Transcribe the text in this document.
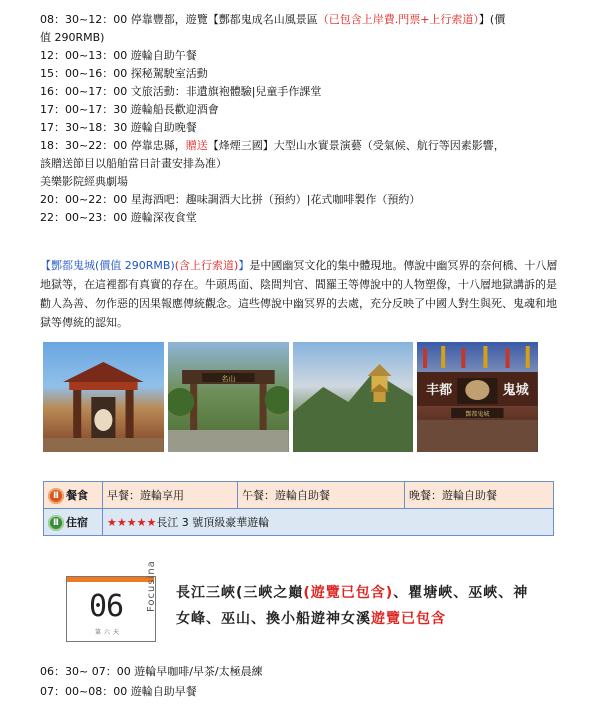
08：30~12：00 停靠豐都，遊覽【酆都鬼成名山風景區（已包含上岸費.門票+上行索道）】(價
值 290RMB)
12：00~13：00 遊輪自助午餐
15：00~16：00 探秘駕駛室活動
16：00~17：00 文旅活動：非遺旗袍體驗|兒童手作課堂
17：00~17：30 遊輪船長歡迎酒會
17：30~18：30 遊輪自助晚餐
18：30~22：00 停靠忠縣，贈送【烽煙三國】大型山水實景演藝（受氣候、航行等因素影響，
該贈送節目以船舶當日計畫安排為准）
美樂影院經典劇場
20：00~22：00 星海酒吧：趣味調酒大比拼（預約）|花式咖啡製作（預約）
22：00~23：00 遊輪深夜食堂
【酆都鬼城(價值 290RMB)(含上行索道)】是中國幽冥文化的集中體現地。傳說中幽冥界的奈何橋、十八層地獄等，在這裡都有真實的存在。牛頭馬面、陰間判官、閻羅王等傳說中的人物塑像，十八層地獄講訴的是勸人為善、勿作惡的因果報應傳統觀念。這些傳說中幽冥界的去處，充分反映了中國人對生與死、鬼魂和地獄等傳統的認知。
名山
丰都	鬼城
酆都鬼城
Ⅱ 餐食	早餐：遊輪享用	午餐：遊輪自助餐	晚餐：遊輪自助餐
Ⅱ 住宿	★★★★★長江 3 號頂級豪華遊輪		
06
第六天
Focusina 長江三峽(三峽之巔(遊覽已包含)、瞿塘峽、巫峽、神女峰、巫山、換小船遊神女溪遊覽已包含
06：30~ 07：00 遊輪早咖啡/早茶/太極晨練
07：00~08：00 遊輪自助早餐
